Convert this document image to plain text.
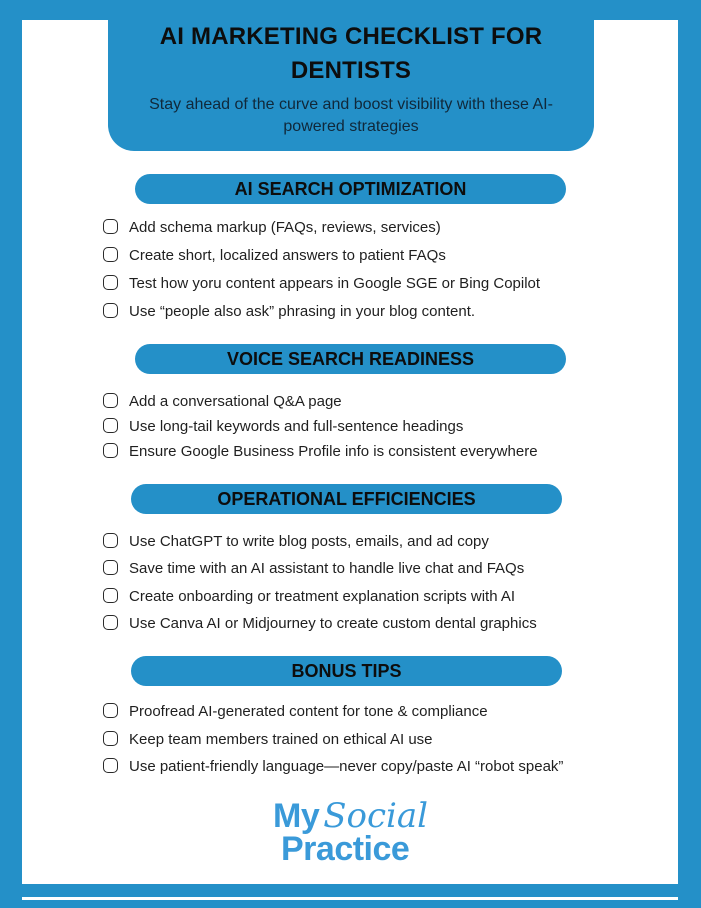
AI MARKETING CHECKLIST FOR DENTISTS
Stay ahead of the curve and boost visibility with these AI-powered strategies
AI SEARCH OPTIMIZATION
Add schema markup (FAQs, reviews, services)
Create short, localized answers to patient FAQs
Test how yoru content appears in Google SGE or Bing Copilot
Use “people also ask” phrasing in your blog content.
VOICE SEARCH READINESS
Add a conversational Q&A page
Use long-tail keywords and full-sentence headings
Ensure Google Business Profile info is consistent everywhere
OPERATIONAL EFFICIENCIES
Use ChatGPT to write blog posts, emails, and ad copy
Save time with an AI assistant to handle live chat and FAQs
Create onboarding or treatment explanation scripts with AI
Use Canva AI or Midjourney to create custom dental graphics
BONUS TIPS
Proofread AI-generated content for tone & compliance
Keep team members trained on ethical AI use
Use patient-friendly language—never copy/paste AI “robot speak”
My Social
Practice
